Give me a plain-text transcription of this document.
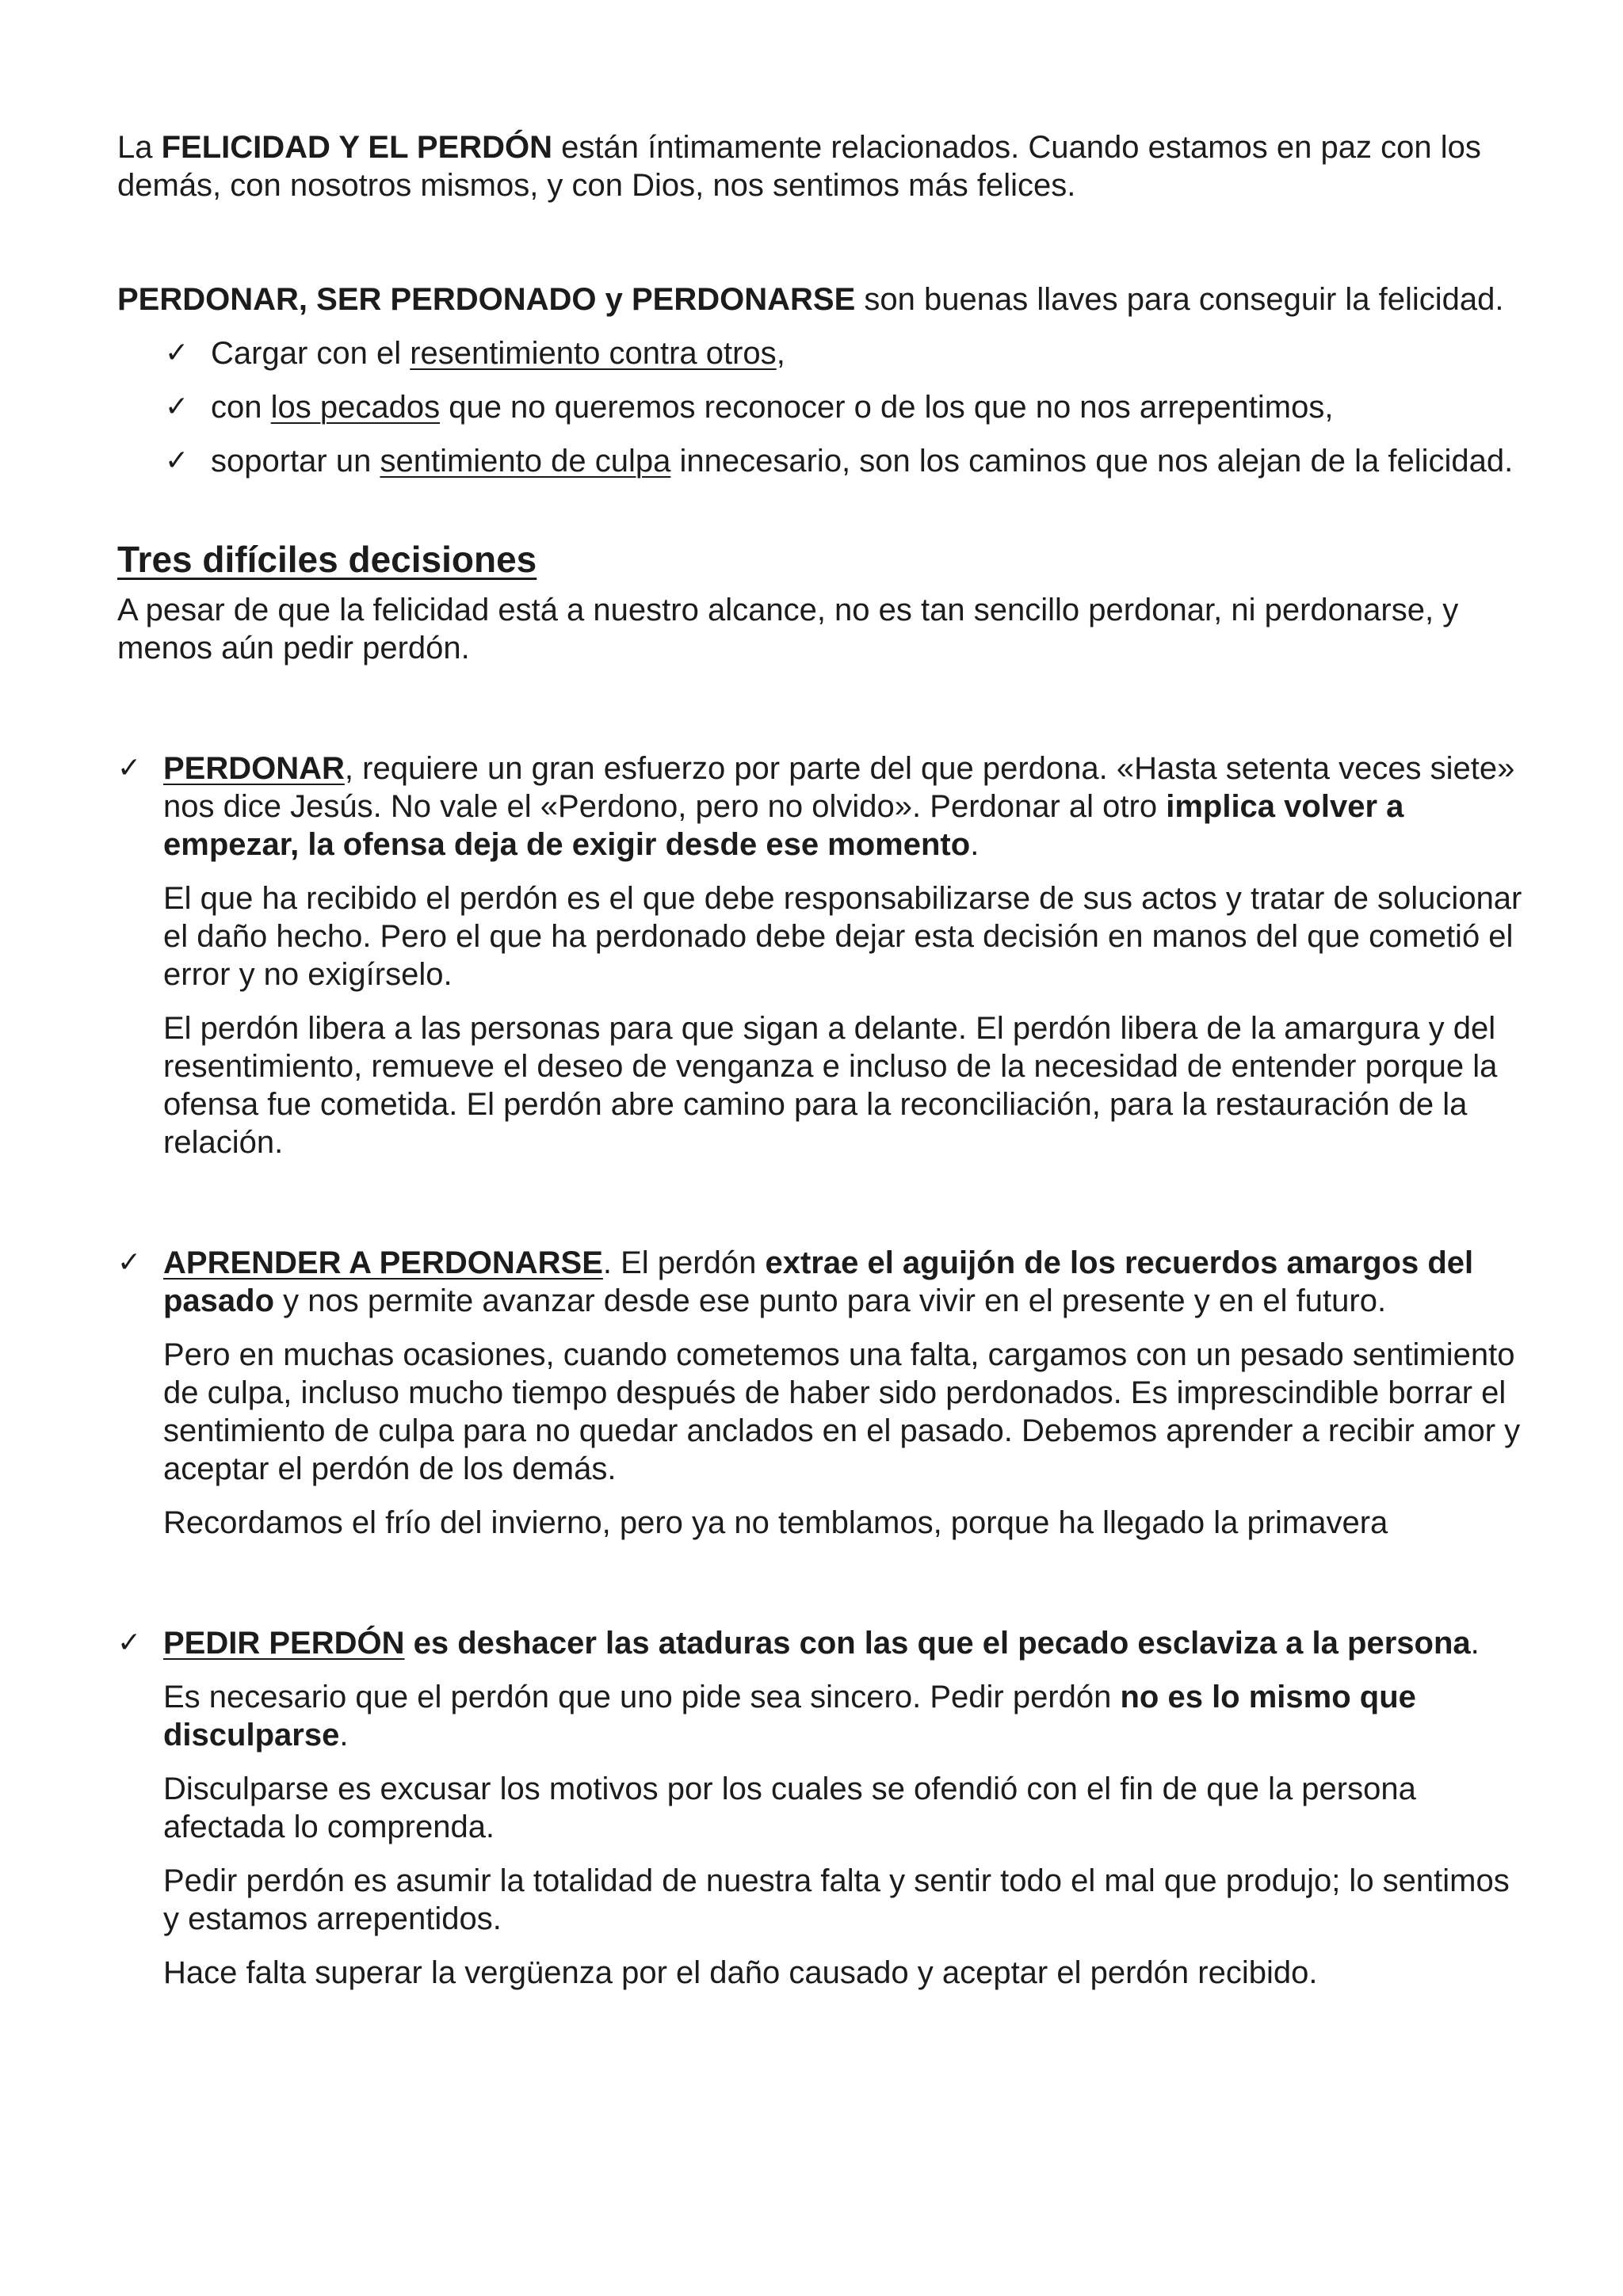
La FELICIDAD Y EL PERDÓN están íntimamente relacionados. Cuando estamos en paz con los demás, con nosotros mismos, y con Dios, nos sentimos más felices.

PERDONAR, SER PERDONADO y PERDONARSE son buenas llaves para conseguir la felicidad.

✓ Cargar con el resentimiento contra otros,
✓ con los pecados que no queremos reconocer o de los que no nos arrepentimos,
✓ soportar un sentimiento de culpa innecesario, son los caminos que nos alejan de la felicidad.
Tres difíciles decisiones

A pesar de que la felicidad está a nuestro alcance, no es tan sencillo perdonar, ni perdonarse, y menos aún pedir perdón.

✓ PERDONAR, requiere un gran esfuerzo por parte del que perdona. «Hasta setenta veces siete» nos dice Jesús. No vale el «Perdono, pero no olvido». Perdonar al otro implica volver a empezar, la ofensa deja de exigir desde ese momento.

El que ha recibido el perdón es el que debe responsabilizarse de sus actos y tratar de solucionar el daño hecho. Pero el que ha perdonado debe dejar esta decisión en manos del que cometió el error y no exigírselo.

El perdón libera a las personas para que sigan a delante. El perdón libera de la amargura y del resentimiento, remueve el deseo de venganza e incluso de la necesidad de entender porque la ofensa fue cometida. El perdón abre camino para la reconciliación, para la restauración de la relación.

✓ APRENDER A PERDONARSE. El perdón extrae el aguijón de los recuerdos amargos del pasado y nos permite avanzar desde ese punto para vivir en el presente y en el futuro.

Pero en muchas ocasiones, cuando cometemos una falta, cargamos con un pesado sentimiento de culpa, incluso mucho tiempo después de haber sido perdonados. Es imprescindible borrar el sentimiento de culpa para no quedar anclados en el pasado. Debemos aprender a recibir amor y aceptar el perdón de los demás.

Recordamos el frío del invierno, pero ya no temblamos, porque ha llegado la primavera

✓ PEDIR PERDÓN es deshacer las ataduras con las que el pecado esclaviza a la persona.

Es necesario que el perdón que uno pide sea sincero. Pedir perdón no es lo mismo que disculparse.

Disculparse es excusar los motivos por los cuales se ofendió con el fin de que la persona afectada lo comprenda.

Pedir perdón es asumir la totalidad de nuestra falta y sentir todo el mal que produjo; lo sentimos y estamos arrepentidos.

Hace falta superar la vergüenza por el daño causado y aceptar el perdón recibido.
